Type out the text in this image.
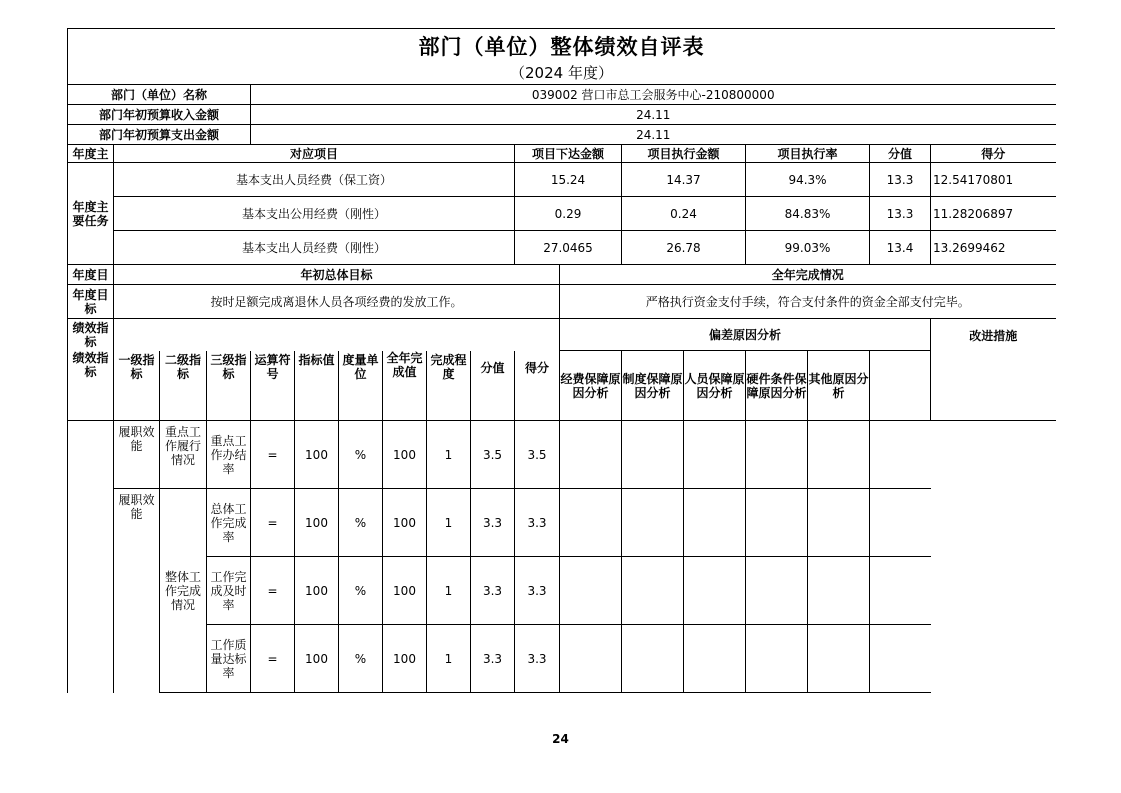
部门（单位）整体绩效自评表
（2024 年度）
部门（单位）名称				039002 营口市总工会服务中心-210800000													
部门年初预算收入金额				24.11													
部门年初预算支出金额				24.11													
年度主	对应项目									项目下达金额		项目执行金额		项目执行率		分值	得分
年度主要任务	基本支出人员经费（保工资）									15.24		14.37		94.3%		13.3	12.54170801
	基本支出公用经费（刚性）									0.29		0.24		84.83%		13.3	11.28206897
	基本支出人员经费（刚性）									27.0465		26.78		99.03%		13.4	13.2699462
年度目	年初总体目标										全年完成情况						
年度目标	按时足额完成离退休人员各项经费的发放工作。										严格执行资金支付手续，符合支付条件的资金全部支付完毕。						
绩效指标											偏差原因分析						改进措施
绩效指标	一级指标	二级指标	三级指标	运算符号	指标值	度量单位	全年完成值	完成程度	分值	得分	经费保障原因分析	制度保障原因分析	人员保障原因分析	硬件条件保障原因分析	其他原因分析		
	履职效能	重点工作履行情况	重点工作办结率	=	100	%	100	1	3.5	3.5							
	履职效能		总体工作完成率	=	100	%	100	1	3.3	3.3							
		整体工作完成情况	工作完成及时率	=	100	%	100	1	3.3	3.3							
			工作质量达标率	=	100	%	100	1	3.3	3.3							
24
